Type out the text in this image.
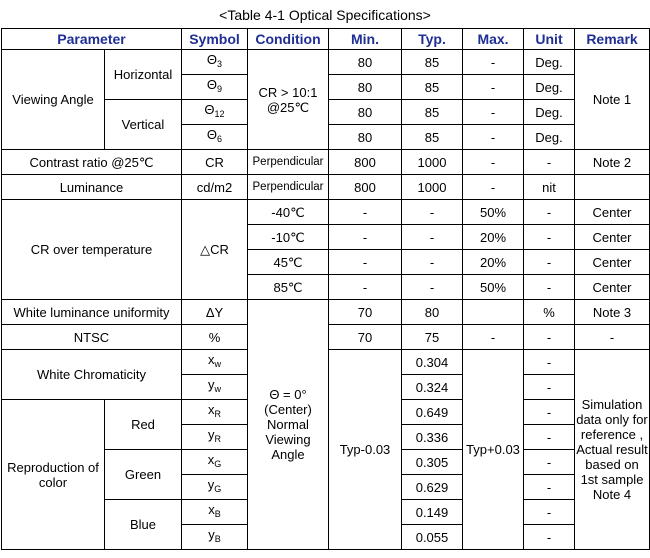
<Table 4-1 Optical Specifications>
Parameter		Symbol	Condition	Min.	Typ.	Max.	Unit	Remark
Viewing Angle	Horizontal	$\Theta_3$	CR > 10:1 @25℃	80	85	-	Deg.	Note 1
		$\Theta_9$		80	85	-	Deg.	
	Vertical	$\Theta_{12}$		80	85	-	Deg.	
		$\Theta_6$		80	85	-	Deg.	
Contrast ratio @25℃		CR	Perpendicular	800	1000	-	-	Note 2
Luminance		cd/m2	Perpendicular	800	1000	-	nit	
CR over temperature		△CR	-40℃	-	-	50%	-	Center
			-10℃	-	-	20%	-	Center
			45℃	-	-	20%	-	Center
			85℃	-	-	50%	-	Center
White luminance uniformity		ΔY	Θ = 0° (Center) Normal Viewing Angle	70	80		%	Note 3
NTSC		%		70	75	-	-	-
White Chromaticity		$x_w$		Typ-0.03	0.304	Typ+0.03	-	Simulation data only for reference , Actual result based on 1st sample Note 4
		$y_w$			0.324		-	
Reproduction of color	Red	$x_R$			0.649		-	
		$y_R$			0.336		-	
	Green	$x_G$			0.305		-	
		$y_G$			0.629		-	
	Blue	$x_B$			0.149		-	
		$y_B$			0.055		-	
